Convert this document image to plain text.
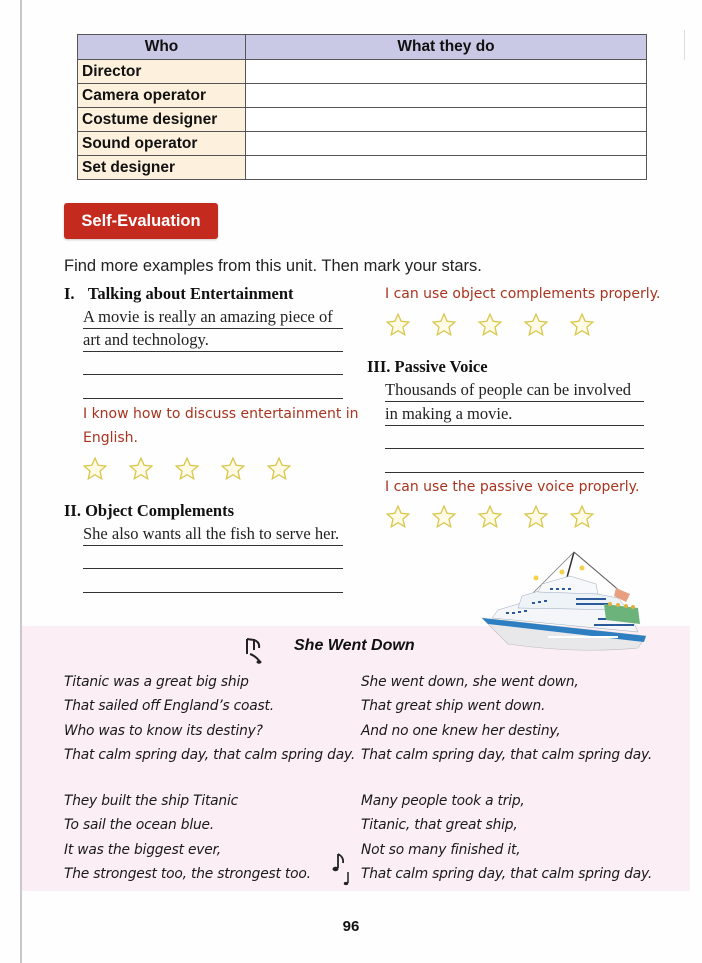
Who	What they do
Director	
Camera operator	
Costume designer	
Sound operator	
Set designer	
Self-Evaluation
Find more examples from this unit. Then mark your stars.
I. Talking about Entertainment
A movie is really an amazing piece of
art and technology.
I know how to discuss entertainment in
English.
II. Object Complements
She also wants all the fish to serve her.
I can use object complements properly.
III. Passive Voice
Thousands of people can be involved
in making a movie.
I can use the passive voice properly.
She Went Down
Titanic was a great big ship
That sailed off England’s coast.
Who was to know its destiny?
That calm spring day, that calm spring day.
She went down, she went down,
That great ship went down.
And no one knew her destiny,
That calm spring day, that calm spring day.
They built the ship Titanic
To sail the ocean blue.
It was the biggest ever,
The strongest too, the strongest too.
Many people took a trip,
Titanic, that great ship,
Not so many finished it,
That calm spring day, that calm spring day.
96
